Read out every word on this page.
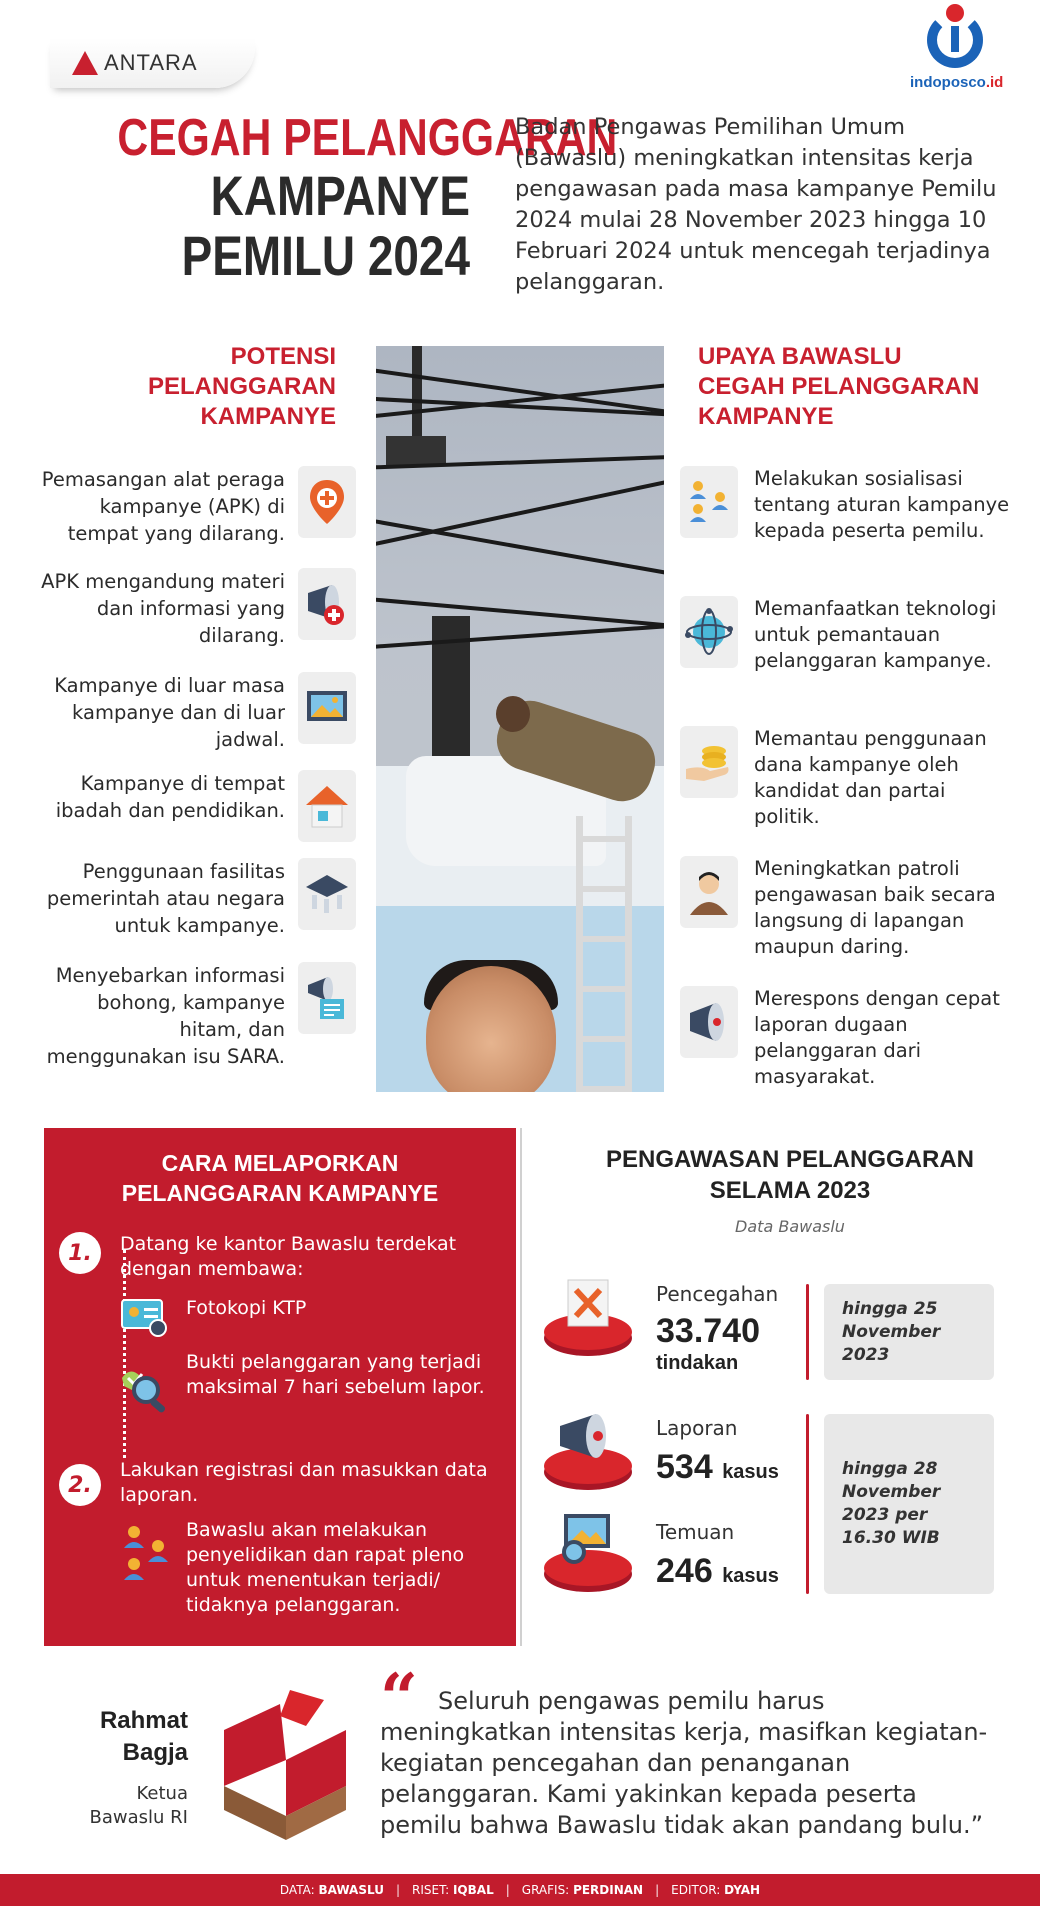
ANTARA
indoposco.id
CEGAH PELANGGARAN
KAMPANYE
PEMILU 2024
Badan Pengawas Pemilihan Umum (Bawaslu) meningkatkan intensitas kerja pengawasan pada masa kampanye Pemilu 2024 mulai 28 November 2023 hingga 10 Februari 2024 untuk mencegah terjadinya pelanggaran.
POTENSI
PELANGGARAN
KAMPANYE
UPAYA BAWASLU
CEGAH PELANGGARAN
KAMPANYE
Pemasangan alat peraga kampanye (APK) di tempat yang dilarang.
APK mengandung materi dan informasi yang dilarang.
Kampanye di luar masa kampanye dan di luar jadwal.
Kampanye di tempat ibadah dan pendidikan.
Penggunaan fasilitas pemerintah atau negara untuk kampanye.
Menyebarkan informasi bohong, kampanye hitam, dan menggunakan isu SARA.
Melakukan sosialisasi tentang aturan kampanye kepada peserta pemilu.
Memanfaatkan teknologi untuk pemantauan pelanggaran kampanye.
Memantau penggunaan dana kampanye oleh kandidat dan partai politik.
Meningkatkan patroli pengawasan baik secara langsung di lapangan maupun daring.
Merespons dengan cepat laporan dugaan pelanggaran dari masyarakat.
CARA MELAPORKAN
PELANGGARAN KAMPANYE
1.	Datang ke kantor Bawaslu terdekat dengan membawa:
Fotokopi KTP
Bukti pelanggaran yang terjadi maksimal 7 hari sebelum lapor.
2.
Lakukan registrasi dan masukkan data laporan.
Bawaslu akan melakukan penyelidikan dan rapat pleno untuk menentukan terjadi/ tidaknya pelanggaran.
PENGAWASAN PELANGGARAN
SELAMA 2023
Data Bawaslu
Pencegahan
33.740
tindakan
hingga 25 November 2023
Laporan
534 kasus
Temuan
246 kasus
hingga 28 November 2023 per 16.30 WIB
Rahmat
Bagja
Ketua
Bawaslu RI
“ Seluruh pengawas pemilu harus meningkatkan intensitas kerja, masifkan kegiatan-kegiatan pencegahan dan penanganan pelanggaran. Kami yakinkan kepada peserta pemilu bahwa Bawaslu tidak akan pandang bulu.”
DATA: BAWASLU | RISET: IQBAL | GRAFIS: PERDINAN | EDITOR: DYAH
